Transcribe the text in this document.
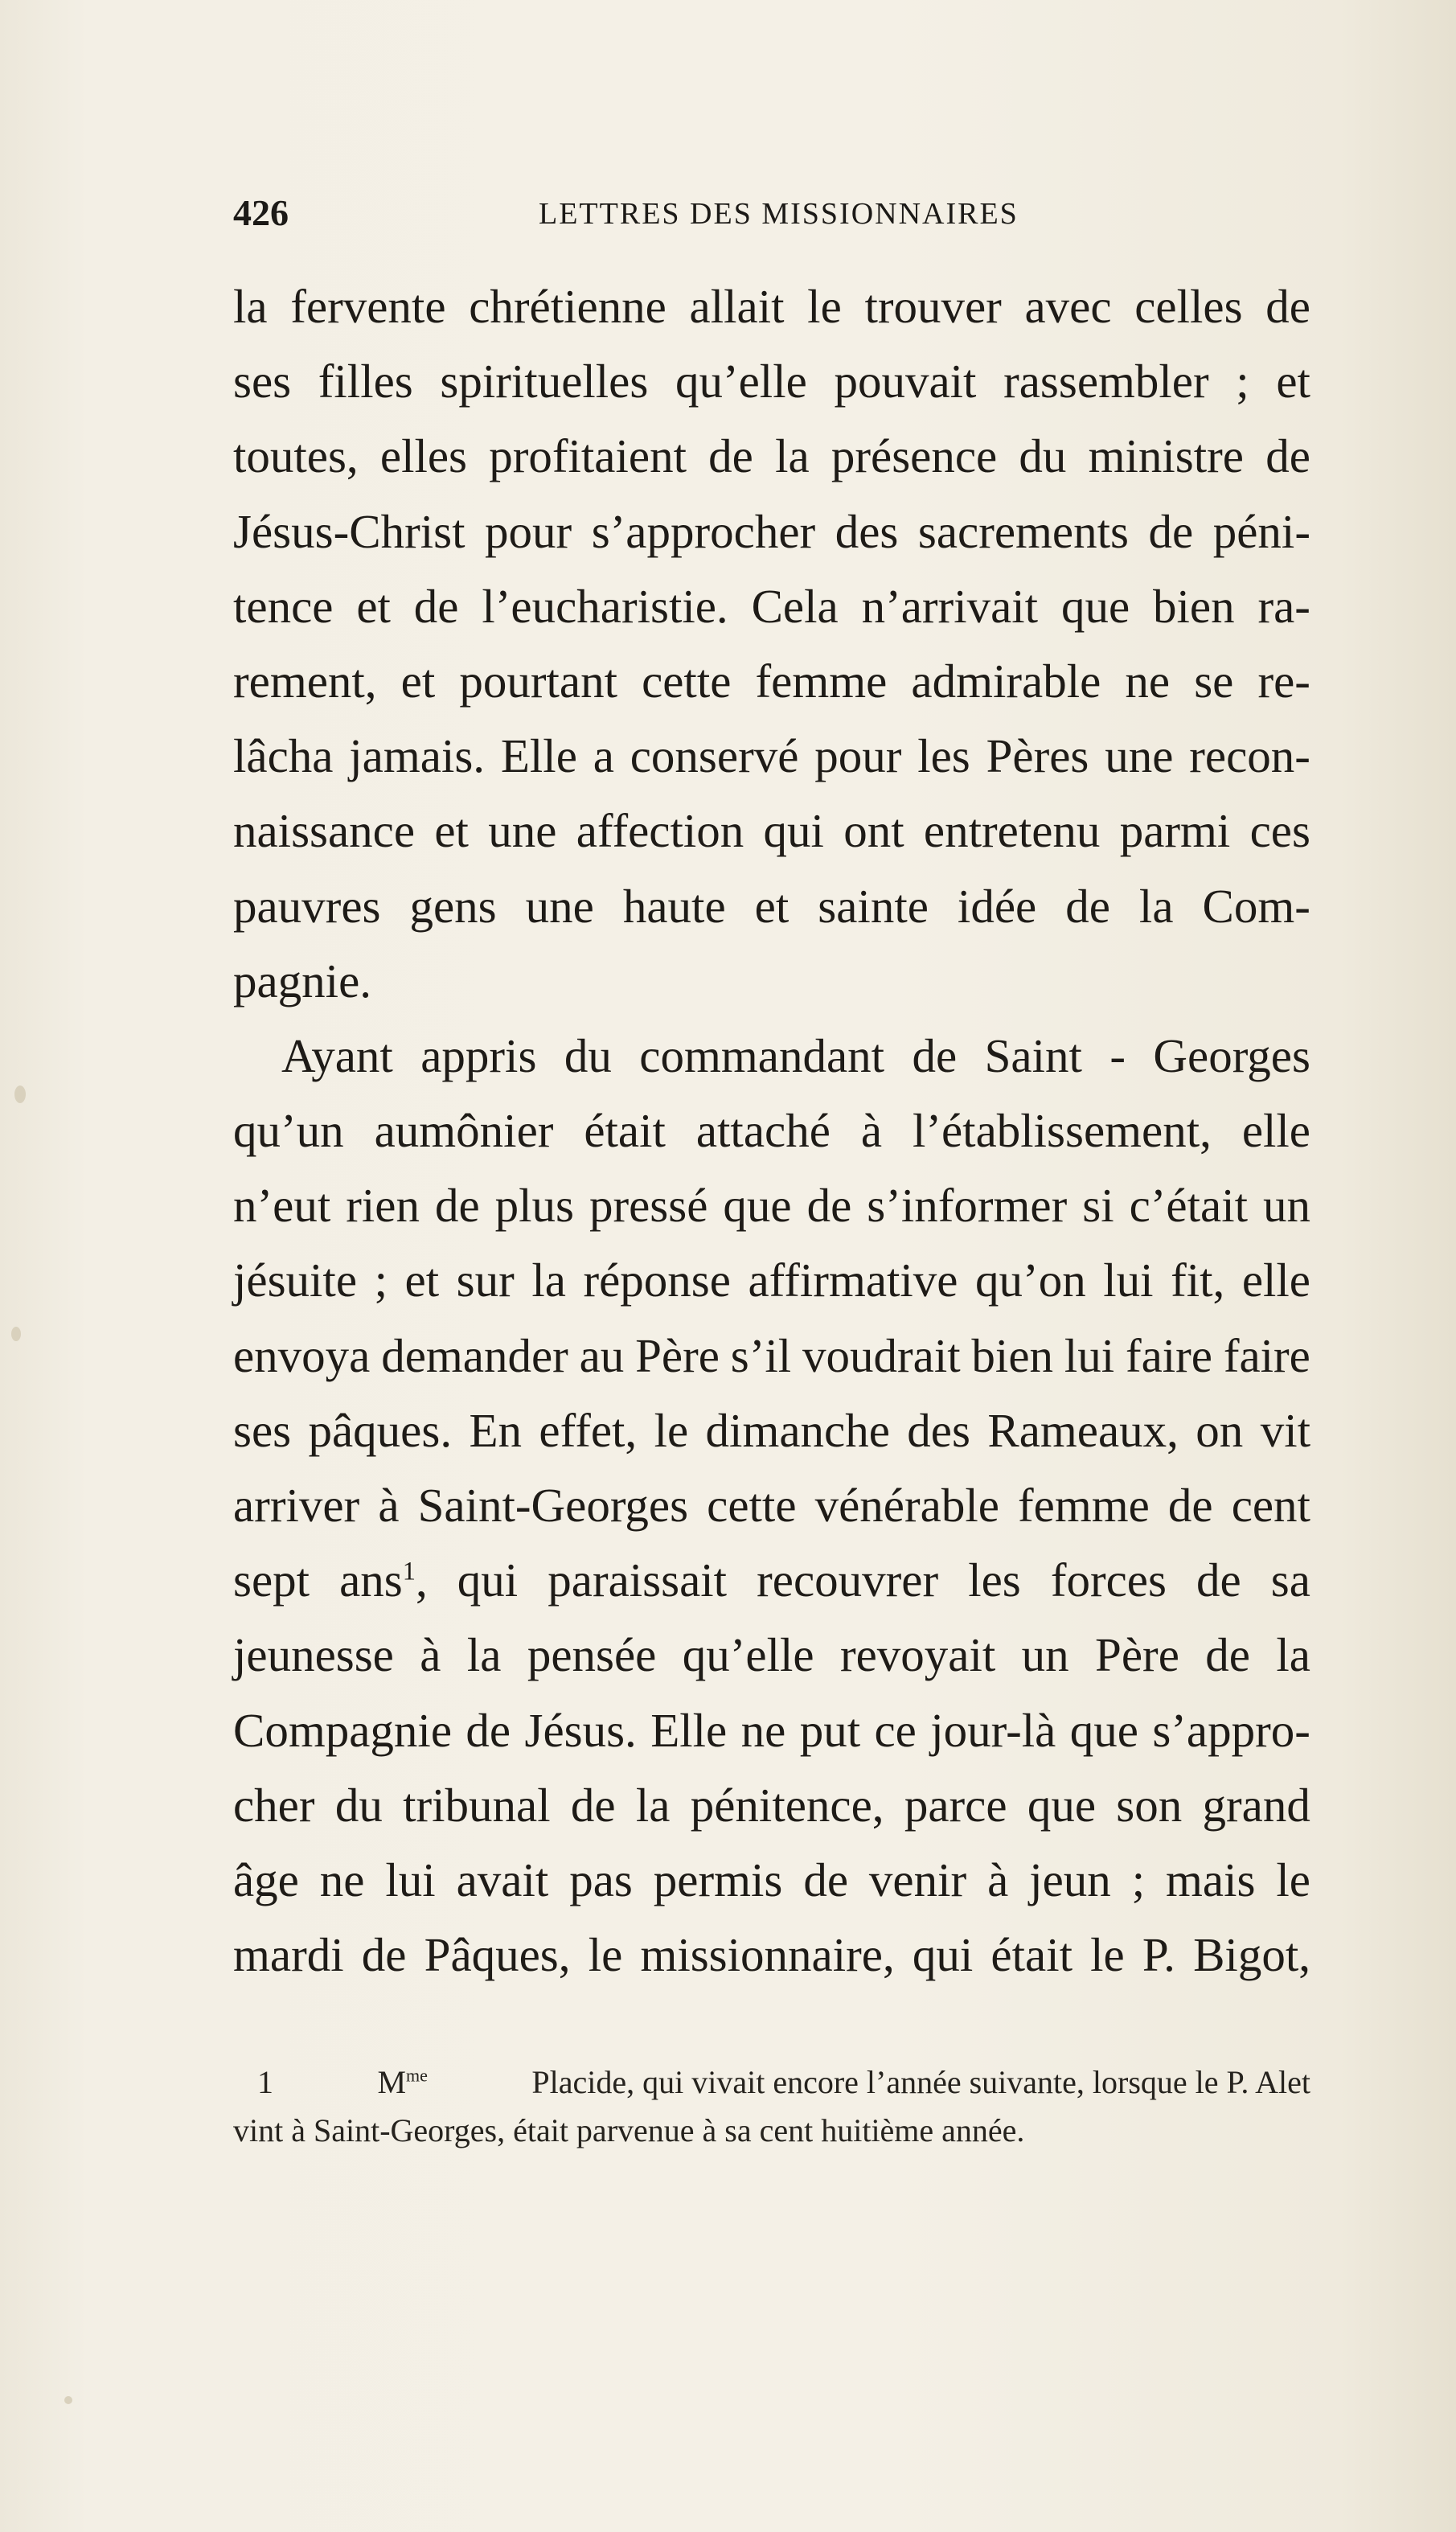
426	LETTRES DES MISSIONNAIRES
la fervente chrétienne allait le trouver avec celles de
ses filles spirituelles qu’elle pouvait rassembler ; et
toutes, elles profitaient de la présence du ministre de
Jésus-Christ pour s’approcher des sacrements de péni-
tence et de l’eucharistie. Cela n’arrivait que bien ra-
rement, et pourtant cette femme admirable ne se re-
lâcha jamais. Elle a conservé pour les Pères une recon-
naissance et une affection qui ont entretenu parmi ces
pauvres gens une haute et sainte idée de la Com-
pagnie.
Ayant appris du commandant de Saint - Georges
qu’un aumônier était attaché à l’établissement, elle
n’eut rien de plus pressé que de s’informer si c’était un
jésuite ; et sur la réponse affirmative qu’on lui fit, elle
envoya demander au Père s’il voudrait bien lui faire faire
ses pâques. En effet, le dimanche des Rameaux, on vit
arriver à Saint-Georges cette vénérable femme de cent
sept ans$^1$, qui paraissait recouvrer les forces de sa
jeunesse à la pensée qu’elle revoyait un Père de la
Compagnie de Jésus. Elle ne put ce jour-là que s’appro-
cher du tribunal de la pénitence, parce que son grand
âge ne lui avait pas permis de venir à jeun ; mais le
mardi de Pâques, le missionnaire, qui était le P. Bigot,
1	$M^{me}$	Placide, qui vivait encore l’année suivante, lorsque le P. Alet
vint à Saint-Georges, était parvenue à sa cent huitième année.
